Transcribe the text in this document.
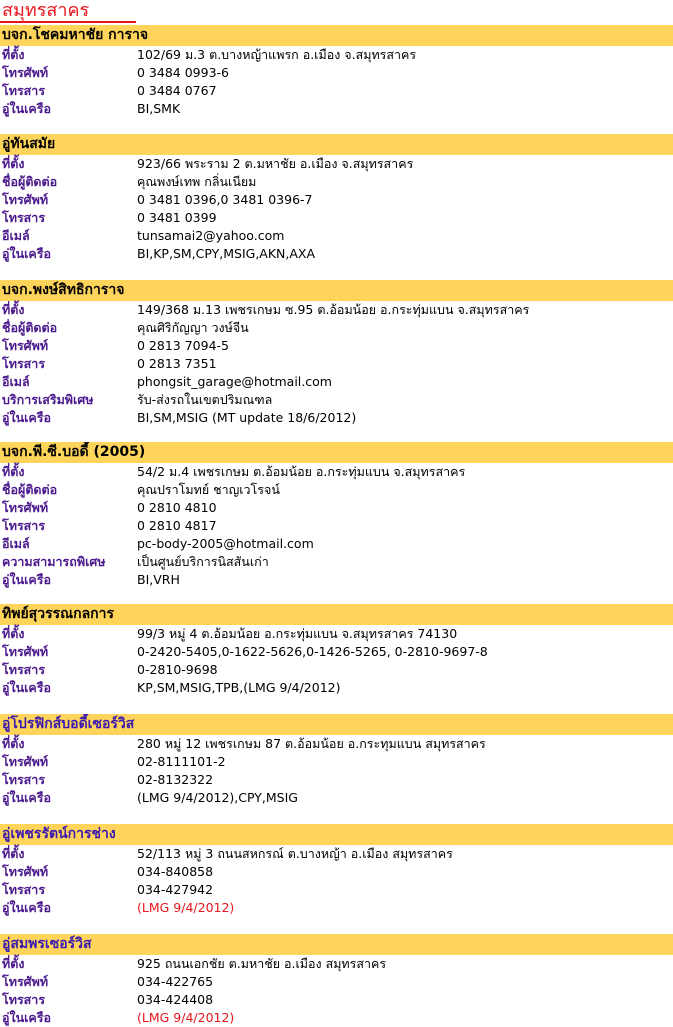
สมุทรสาคร
บจก.โชคมหาชัย การาจ
ที่ตั้ง	102/69 ม.3 ต.บางหญ้าแพรก อ.เมือง จ.สมุทรสาคร
โทรศัพท์	0 3484 0993-6
โทรสาร	0 3484 0767
อู่ในเครือ	BI,SMK
อู่ทันสมัย
ที่ตั้ง	923/66 พระราม 2 ต.มหาชัย อ.เมือง จ.สมุทรสาคร
ชื่อผู้ติดต่อ	คุณพงษ์เทพ กลิ่นเนียม
โทรศัพท์	0 3481 0396,0 3481 0396-7
โทรสาร	0 3481 0399
อีเมล์	tunsamai2@yahoo.com
อู่ในเครือ	BI,KP,SM,CPY,MSIG,AKN,AXA
บจก.พงษ์สิทธิการาจ
ที่ตั้ง	149/368 ม.13 เพชรเกษม ซ.95 ต.อ้อมน้อย อ.กระทุ่มแบน จ.สมุทรสาคร
ชื่อผู้ติดต่อ	คุณศิริกัญญา วงษ์จีน
โทรศัพท์	0 2813 7094-5
โทรสาร	0 2813 7351
อีเมล์	phongsit_garage@hotmail.com
บริการเสริมพิเศษ	รับ-ส่งรถในเขตปริมณฑล
อู่ในเครือ	BI,SM,MSIG (MT update 18/6/2012)
บจก.พี.ซี.บอดี้ (2005)
ที่ตั้ง	54/2 ม.4 เพชรเกษม ต.อ้อมน้อย อ.กระทุ่มแบน จ.สมุทรสาคร
ชื่อผู้ติดต่อ	คุณปราโมทย์ ชาญเวโรจน์
โทรศัพท์	0 2810 4810
โทรสาร	0 2810 4817
อีเมล์	pc-body-2005@hotmail.com
ความสามารถพิเศษ	เป็นศูนย์บริการนิสสันเก่า
อู่ในเครือ	BI,VRH
ทิพย์สุวรรณกลการ
ที่ตั้ง	99/3 หมู่ 4 ต.อ้อมน้อย อ.กระทุ่มแบน จ.สมุทรสาคร 74130
โทรศัพท์	0-2420-5405,0-1622-5626,0-1426-5265, 0-2810-9697-8
โทรสาร	0-2810-9698
อู่ในเครือ	KP,SM,MSIG,TPB,(LMG 9/4/2012)
อู่โปรฟิกส์บอดี้เซอร์วิส
ที่ตั้ง	280 หมู่ 12 เพชรเกษม 87 ต.อ้อมน้อย อ.กระทุมแบน สมุทรสาคร
โทรศัพท์	02-8111101-2
โทรสาร	02-8132322
อู่ในเครือ	(LMG 9/4/2012),CPY,MSIG
อู่เพชรรัตน์การช่าง
ที่ตั้ง	52/113 หมู่ 3 ถนนสหกรณ์ ต.บางหญ้า อ.เมือง สมุทรสาคร
โทรศัพท์	034-840858
โทรสาร	034-427942
อู่ในเครือ	(LMG 9/4/2012)
อู่สมพรเซอร์วิส
ที่ตั้ง	925 ถนนเอกชัย ต.มหาชัย อ.เมือง สมุทรสาคร
โทรศัพท์	034-422765
โทรสาร	034-424408
อู่ในเครือ	(LMG 9/4/2012)
